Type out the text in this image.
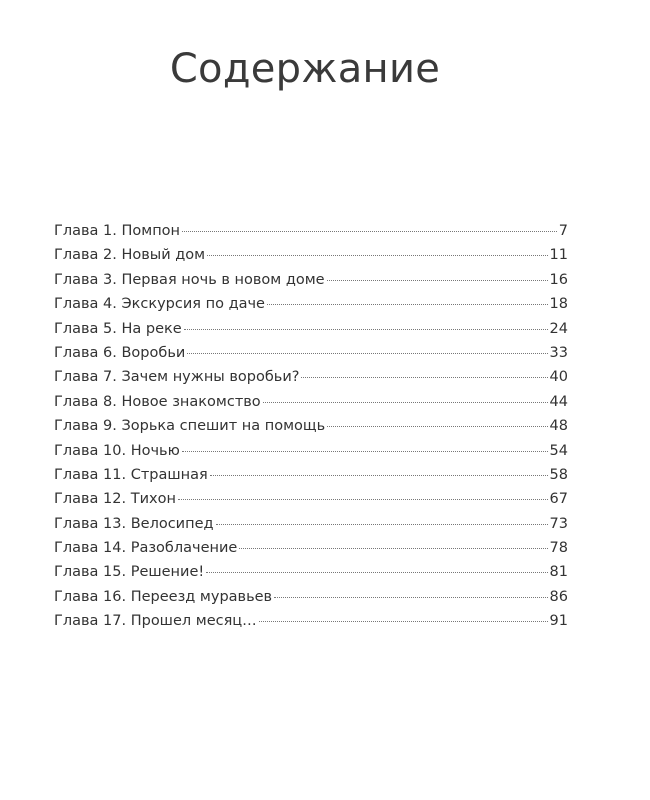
Содержание
Глава 1. Помпон	7
Глава 2. Новый дом	11
Глава 3. Первая ночь в новом доме	16
Глава 4. Экскурсия по даче	18
Глава 5. На реке	24
Глава 6. Воробьи	33
Глава 7. Зачем нужны воробьи?	40
Глава 8. Новое знакомство	44
Глава 9. Зорька спешит на помощь	48
Глава 10. Ночью	54
Глава 11. Страшная	58
Глава 12. Тихон	67
Глава 13. Велосипед	73
Глава 14. Разоблачение	78
Глава 15. Решение!	81
Глава 16. Переезд муравьев	86
Глава 17. Прошел месяц…	91
